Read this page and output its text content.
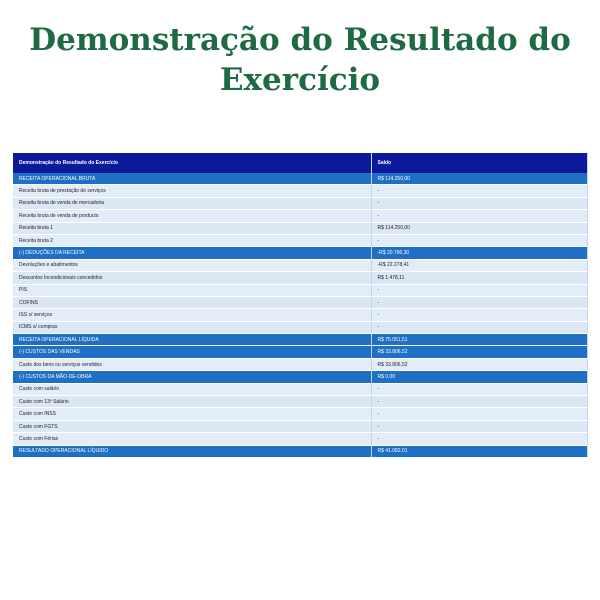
Demonstração do Resultado do
Exercício
Demonstração do Resultado do Exercício	Saldo
RECEITA OPERACIONAL BRUTA	R$ 114.250,00
Receita bruta de prestação de serviços	-
Receita bruta de venda de mercadoria	-
Receita bruta de venda de producto	-
Receita bruta 1	R$ 114.250,00
Receita bruta 2	-
(-) DEDUÇÕES DA RECEITA	-R$ 20.790,30
Devoluções e abatimentos	-R$ 22.278,41
Descontos Incondicionais concedidos	R$ 1.478,11
PIS	-
COFINS	-
ISS s/ serviços	-
ICMS s/ compras	-
RECEITA OPERACIONAL LÍQUIDA	R$ 75.051,51
(-) CUSTOS DAS VENDAS	R$ 33.806,52
Custo dos bens ou serviços vendidos	R$ 33.806,52
(-) CUSTOS DA MÃO-DE-OBRA	R$ 0,00
Custo com salário	-
Custo com 13º Salário	-
Custo com INSS	-
Custo com FGTS	-
Custo com Férias	-
RESULTADO OPERACIONAL LÍQUIDO	R$ 41.082,01
